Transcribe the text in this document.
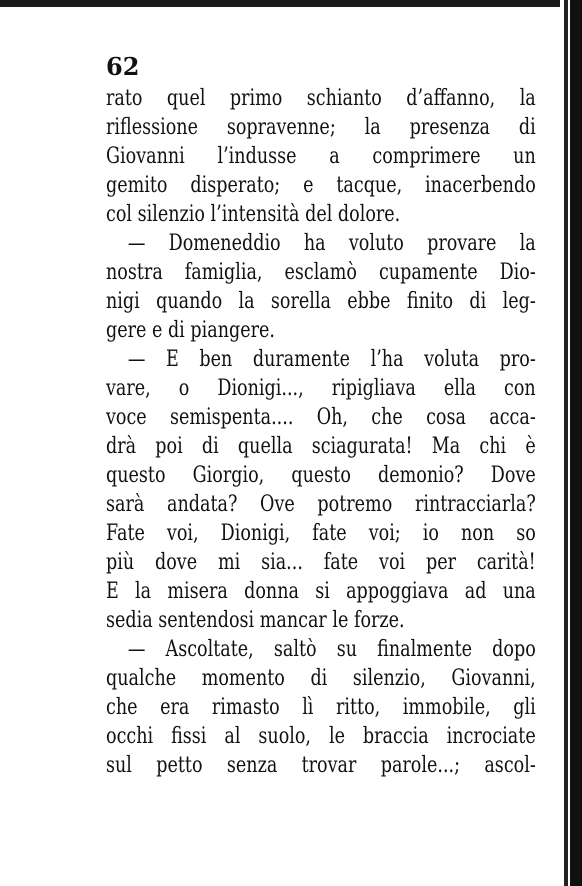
62
rato quel primo schianto d’affanno, la
riflessione sopravenne; la presenza di
Giovanni l’indusse a comprimere un
gemito disperato; e tacque, inacerbendo
col silenzio l’intensità del dolore.
— Domeneddio ha voluto provare la
nostra famiglia, esclamò cupamente Dio-
nigi quando la sorella ebbe finito di leg-
gere e di piangere.
— E ben duramente l’ha voluta pro-
vare, o Dionigi..., ripigliava ella con
voce semispenta.... Oh, che cosa acca-
drà poi di quella sciagurata! Ma chi è
questo Giorgio, questo demonio? Dove
sarà andata? Ove potremo rintracciarla?
Fate voi, Dionigi, fate voi; io non so
più dove mi sia... fate voi per carità!
E la misera donna si appoggiava ad una
sedia sentendosi mancar le forze.
— Ascoltate, saltò su finalmente dopo
qualche momento di silenzio, Giovanni,
che era rimasto lì ritto, immobile, gli
occhi fissi al suolo, le braccia incrociate
sul petto senza trovar parole...; ascol-
